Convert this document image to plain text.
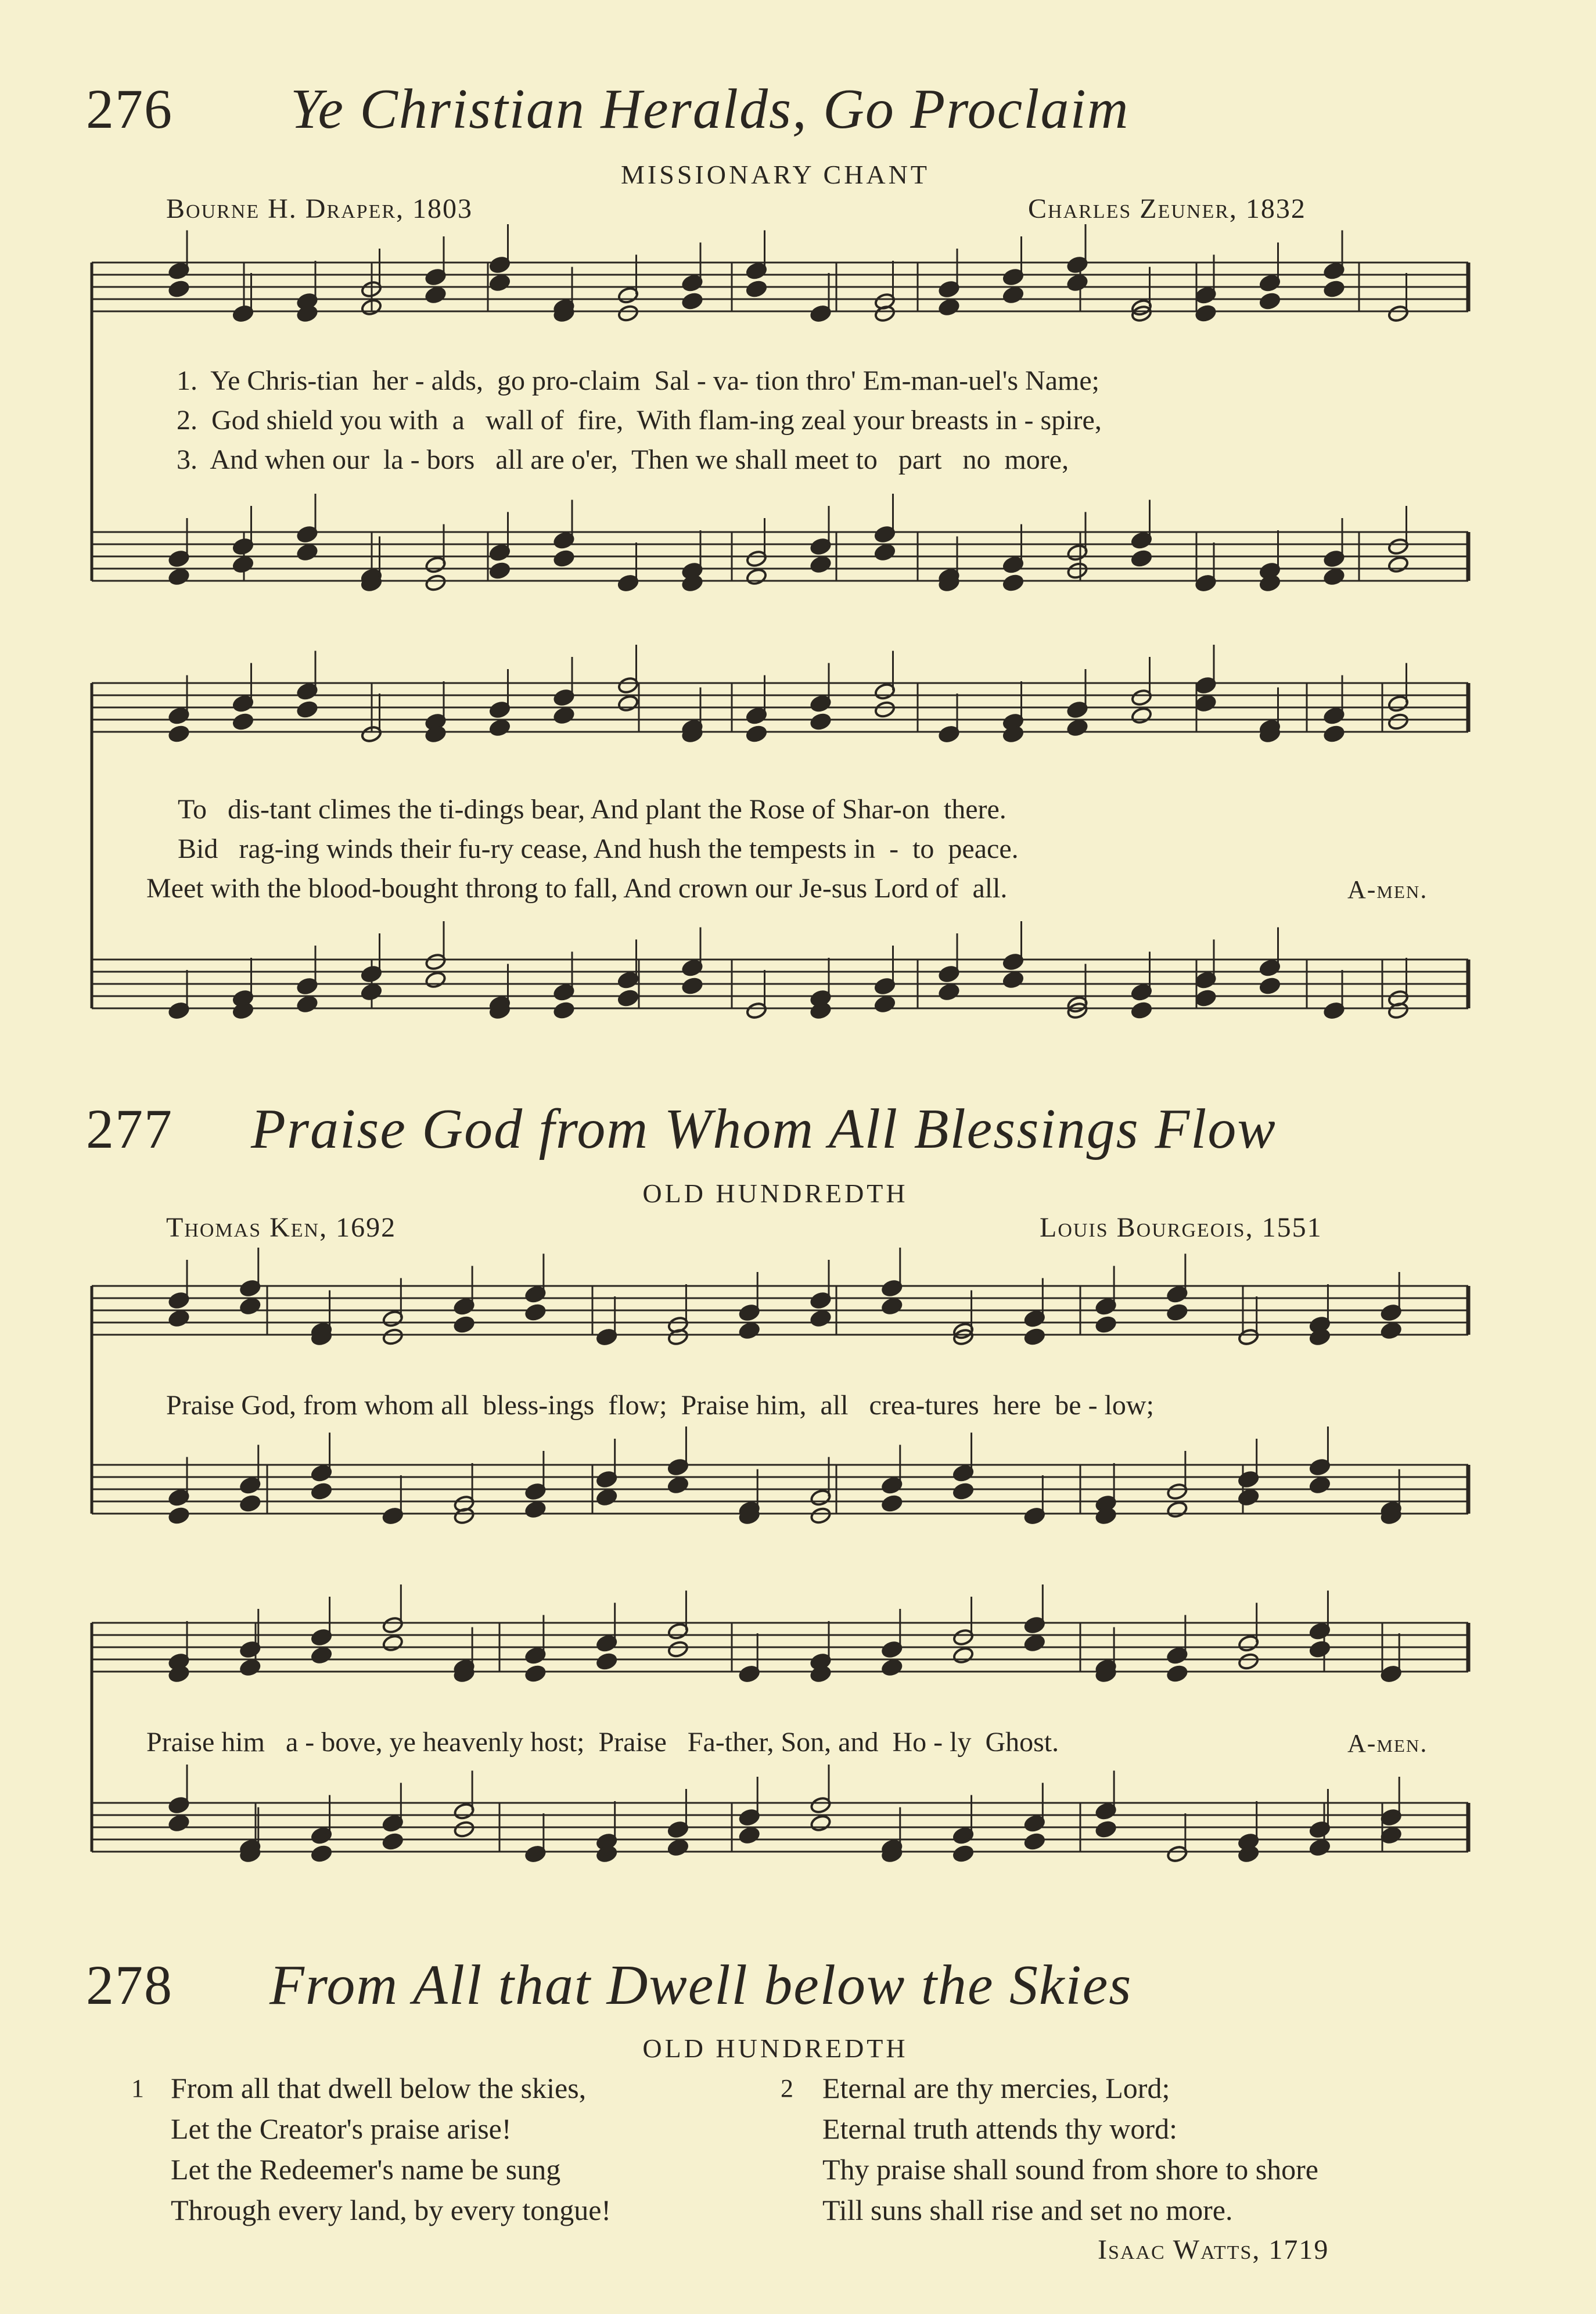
276 Ye Christian Heralds, Go Proclaim
MISSIONARY CHANT
Bourne H. Draper, 1803	Charles Zeuner, 1832
1.  Ye Chris-tian  her - alds,  go pro-claim  Sal - va- tion thro' Em-man-uel's Name;
2.  God shield you with  a   wall of  fire,  With flam-ing zeal your breasts in - spire,
3.  And when our  la - bors   all are o'er,  Then we shall meet to   part   no  more,
To   dis-tant climes the ti-dings bear, And plant the Rose of Shar-on  there.
Bid   rag-ing winds their fu-ry cease, And hush the tempests in  -  to  peace.
Meet with the blood-bought throng to fall, And crown our Je-sus Lord of  all.	A-men.
277 Praise God from Whom All Blessings Flow
OLD HUNDREDTH
Thomas Ken, 1692	Louis Bourgeois, 1551
Praise God, from whom all  bless-ings  flow;  Praise him,  all   crea-tures  here  be - low;
Praise him   a - bove, ye heavenly host;  Praise   Fa-ther, Son, and  Ho - ly  Ghost.	A-men.
278 From All that Dwell below the Skies
OLD HUNDREDTH
1 From all that dwell below the skies,
Let the Creator's praise arise!
Let the Redeemer's name be sung
Through every land, by every tongue!
2 Eternal are thy mercies, Lord;
Eternal truth attends thy word:
Thy praise shall sound from shore to shore
Till suns shall rise and set no more.
Isaac Watts, 1719
